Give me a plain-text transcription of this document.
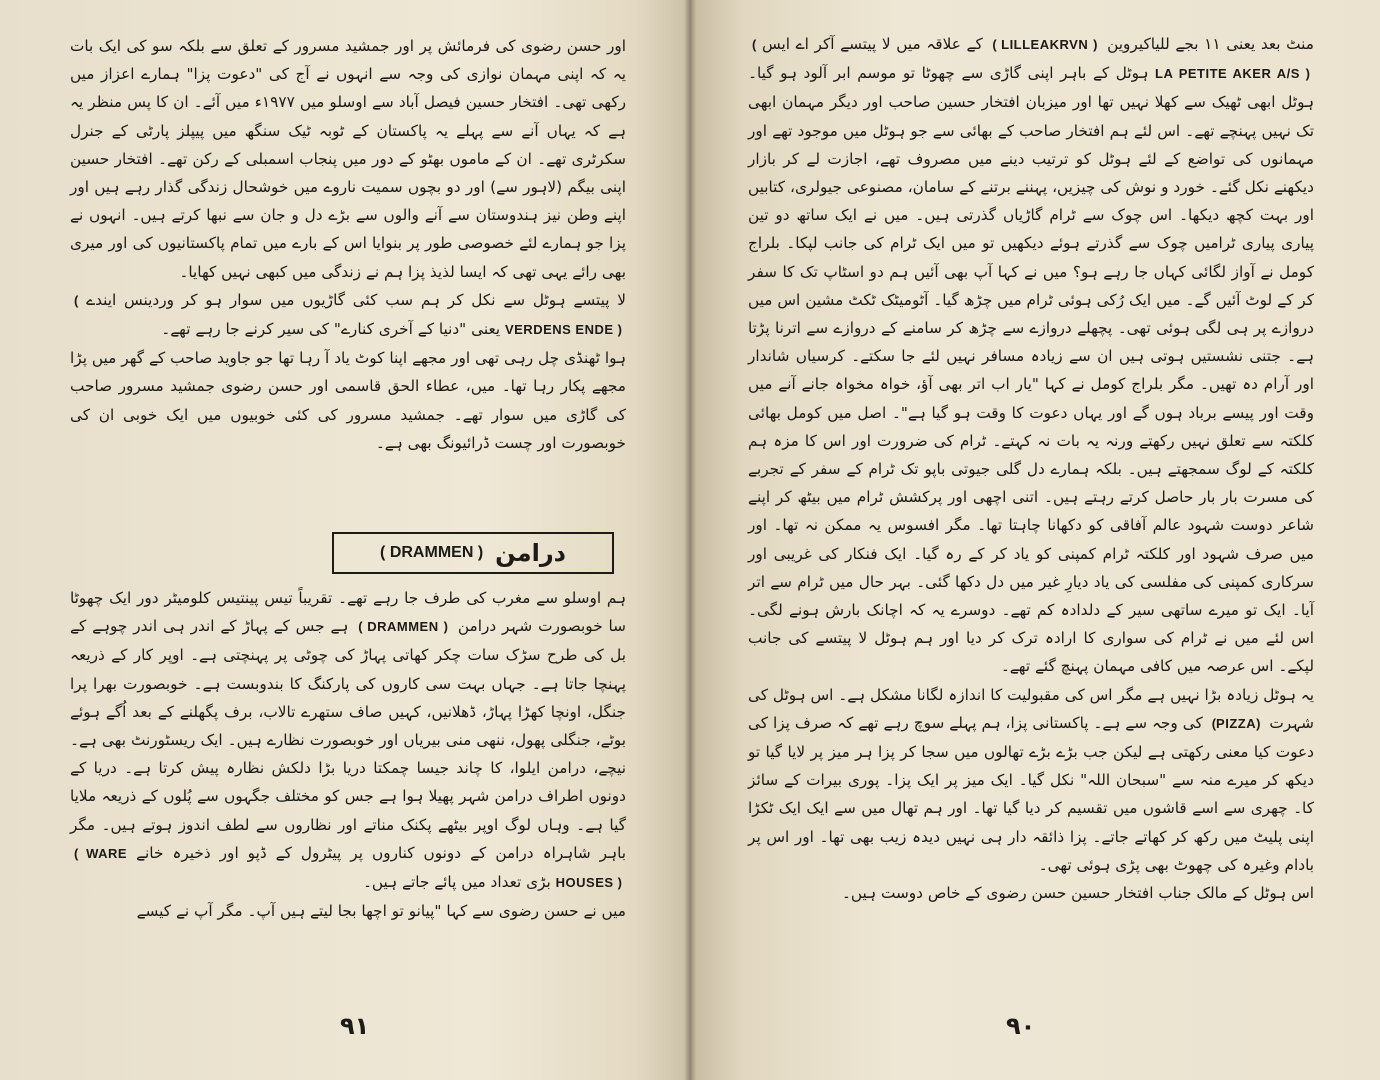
اور حسن رضوی کی فرمائش پر اور جمشید مسرور کے تعلق سے بلکہ سو کی ایک بات یہ کہ اپنی مہمان نوازی کی وجہ سے انہوں نے آج کی "دعوت پزا" ہمارے اعزاز میں رکھی تھی۔ افتخار حسین فیصل آباد سے اوسلو میں ۱۹۷۷ء میں آئے۔ ان کا پس منظر یہ ہے کہ یہاں آنے سے پہلے یہ پاکستان کے ٹوبہ ٹیک سنگھ میں پیپلز پارٹی کے جنرل سکرٹری تھے۔ ان کے ماموں بھٹو کے دور میں پنجاب اسمبلی کے رکن تھے۔ افتخار حسین اپنی بیگم (لاہور سے) اور دو بچوں سمیت ناروے میں خوشحال زندگی گذار رہے ہیں اور اپنے وطن نیز ہندوستان سے آنے والوں سے بڑے دل و جان سے نبھا کرتے ہیں۔ انہوں نے پزا جو ہمارے لئے خصوصی طور پر بنوایا اس کے بارے میں تمام پاکستانیوں کی اور میری بھی رائے یہی تھی کہ ایسا لذیذ پزا ہم نے زندگی میں کبھی نہیں کھایا۔

لا پیتسے ہوٹل سے نکل کر ہم سب کئی گاڑیوں میں سوار ہو کر وردینس ایندے ( VERDENS ENDE ) یعنی "دنیا کے آخری کنارے" کی سیر کرنے جا رہے تھے۔

ہوا ٹھنڈی چل رہی تھی اور مجھے اپنا کوٹ یاد آ رہا تھا جو جاوید صاحب کے گھر میں پڑا مجھے پکار رہا تھا۔ میں، عطاء الحق قاسمی اور حسن رضوی جمشید مسرور صاحب کی گاڑی میں سوار تھے۔ جمشید مسرور کی کئی خوبیوں میں ایک خوبی ان کی خوبصورت اور چست ڈرائیونگ بھی ہے۔

درامن
( DRAMMEN )

ہم اوسلو سے مغرب کی طرف جا رہے تھے۔ تقریباً تیس پینتیس کلومیٹر دور ایک چھوٹا سا خوبصورت شہر درامن ( DRAMMEN ) ہے جس کے پہاڑ کے اندر ہی اندر چوہے کے بل کی طرح سڑک سات چکر کھاتی پہاڑ کی چوٹی پر پہنچتی ہے۔ اوپر کار کے ذریعہ پہنچا جاتا ہے۔ جہاں بہت سی کاروں کی پارکنگ کا بندوبست ہے۔ خوبصورت بھرا پرا جنگل، اونچا کھڑا پہاڑ، ڈھلانیں، کہیں صاف ستھرے تالاب، برف پگھلنے کے بعد اُگے ہوئے بوٹے، جنگلی پھول، ننھی منی بیریاں اور خوبصورت نظارے ہیں۔ ایک ریسٹورنٹ بھی ہے۔ نیچے، درامن ایلوا، کا چاند جیسا چمکتا دریا بڑا دلکش نظارہ پیش کرتا ہے۔ دریا کے دونوں اطراف درامن شہر پھیلا ہوا ہے جس کو مختلف جگہوں سے پُلوں کے ذریعہ ملایا گیا ہے۔ وہاں لوگ اوپر بیٹھے پکنک مناتے اور نظاروں سے لطف اندوز ہوتے ہیں۔ مگر باہر شاہراہ درامن کے دونوں کناروں پر پیٹرول کے ڈپو اور ذخیرہ خانے ( WARE HOUSES ) بڑی تعداد میں پائے جاتے ہیں۔

میں نے حسن رضوی سے کہا "پیانو تو اچھا بجا لیتے ہیں آپ۔ مگر آپ نے کیسے

٩١	٩٠

منٹ بعد یعنی ۱۱ بجے للیاکیروین ( LILLEAKRVN ) کے علاقہ میں لا پیتسے آکر اے ایس ( LA PETITE AKER A/S ) ہوٹل کے باہر اپنی گاڑی سے چھوٹا تو موسم ابر آلود ہو گیا۔ ہوٹل ابھی ٹھیک سے کھلا نہیں تھا اور میزبان افتخار حسین صاحب اور دیگر مہمان ابھی تک نہیں پہنچے تھے۔ اس لئے ہم افتخار صاحب کے بھائی سے جو ہوٹل میں موجود تھے اور مہمانوں کی تواضع کے لئے ہوٹل کو ترتیب دینے میں مصروف تھے، اجازت لے کر بازار دیکھنے نکل گئے۔ خورد و نوش کی چیزیں، پہننے برتنے کے سامان، مصنوعی جیولری، کتابیں اور بہت کچھ دیکھا۔ اس چوک سے ٹرام گاڑیاں گذرتی ہیں۔ میں نے ایک ساتھ دو تین پیاری پیاری ٹرامیں چوک سے گذرتے ہوئے دیکھیں تو میں ایک ٹرام کی جانب لپکا۔ بلراج کومل نے آواز لگائی کہاں جا رہے ہو؟ میں نے کہا آپ بھی آئیں ہم دو اسٹاپ تک کا سفر کر کے لوٹ آئیں گے۔ میں ایک رُکی ہوئی ٹرام میں چڑھ گیا۔ آٹومیٹک ٹکٹ مشین اس میں دروازے پر ہی لگی ہوئی تھی۔ پچھلے دروازے سے چڑھ کر سامنے کے دروازے سے اترنا پڑتا ہے۔ جتنی نشستیں ہوتی ہیں ان سے زیادہ مسافر نہیں لئے جا سکتے۔ کرسیاں شاندار اور آرام دہ تھیں۔ مگر بلراج کومل نے کہا "یار اب اتر بھی آؤ، خواہ مخواہ جانے آنے میں وقت اور پیسے برباد ہوں گے اور یہاں دعوت کا وقت ہو گیا ہے"۔ اصل میں کومل بھائی کلکتہ سے تعلق نہیں رکھتے ورنہ یہ بات نہ کہتے۔ ٹرام کی ضرورت اور اس کا مزہ ہم کلکتہ کے لوگ سمجھتے ہیں۔ بلکہ ہمارے دل گلی جیوتی باپو تک ٹرام کے سفر کے تجربے کی مسرت بار بار حاصل کرتے رہتے ہیں۔ اتنی اچھی اور پرکشش ٹرام میں بیٹھ کر اپنے شاعر دوست شہود عالم آفاقی کو دکھانا چاہتا تھا۔ مگر افسوس یہ ممکن نہ تھا۔ اور میں صرف شہود اور کلکتہ ٹرام کمپنی کو یاد کر کے رہ گیا۔ ایک فنکار کی غریبی اور سرکاری کمپنی کی مفلسی کی یاد دیارِ غیر میں دل دکھا گئی۔ بہر حال میں ٹرام سے اتر آیا۔ ایک تو میرے ساتھی سیر کے دلدادہ کم تھے۔ دوسرے یہ کہ اچانک بارش ہونے لگی۔ اس لئے میں نے ٹرام کی سواری کا ارادہ ترک کر دیا اور ہم ہوٹل لا پیتسے کی جانب لپکے۔ اس عرصہ میں کافی مہمان پہنچ گئے تھے۔

یہ ہوٹل زیادہ بڑا نہیں ہے مگر اس کی مقبولیت کا اندازہ لگانا مشکل ہے۔ اس ہوٹل کی شہرت (PIZZA) کی وجہ سے ہے۔ پاکستانی پزا، ہم پہلے سوچ رہے تھے کہ صرف پزا کی دعوت کیا معنی رکھتی ہے لیکن جب بڑے بڑے تھالوں میں سجا کر پزا ہر میز پر لایا گیا تو دیکھ کر میرے منہ سے "سبحان اللہ" نکل گیا۔ ایک میز پر ایک پزا۔ پوری بیرات کے سائز کا۔ چھری سے اسے قاشوں میں تقسیم کر دیا گیا تھا۔ اور ہم تھال میں سے ایک ایک ٹکڑا اپنی پلیٹ میں رکھ کر کھاتے جاتے۔ پزا ذائقہ دار ہی نہیں دیدہ زیب بھی تھا۔ اور اس پر بادام وغیرہ کی چھوٹ بھی پڑی ہوئی تھی۔

اس ہوٹل کے مالک جناب افتخار حسین حسن رضوی کے خاص دوست ہیں۔
